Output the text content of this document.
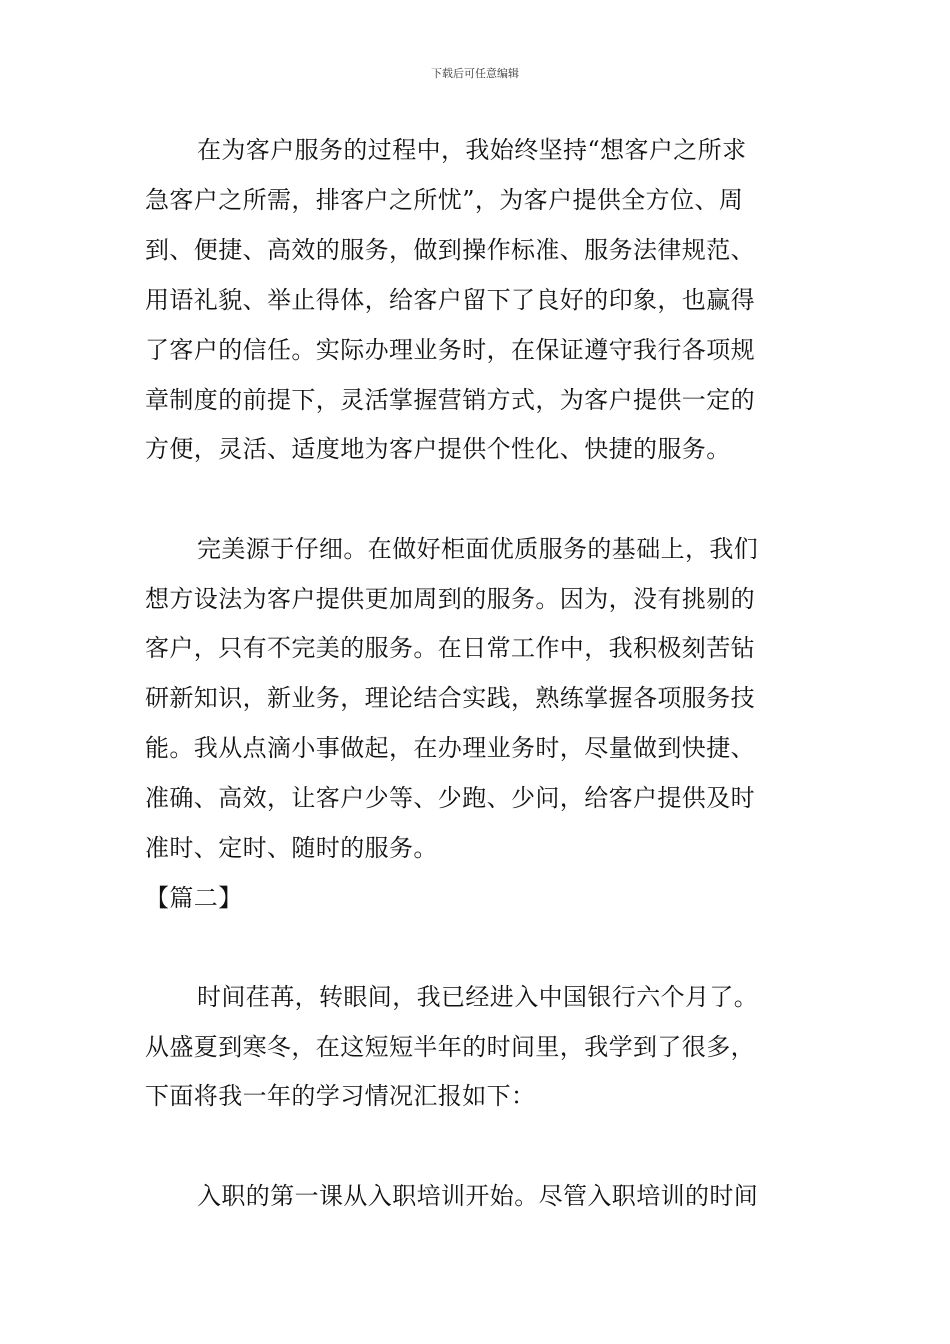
下载后可任意编辑
在为客户服务的过程中，我始终坚持“想客户之所求
急客户之所需，排客户之所忧”，为客户提供全方位、周
到、便捷、高效的服务，做到操作标准、服务法律规范、
用语礼貌、举止得体，给客户留下了良好的印象，也赢得
了客户的信任。实际办理业务时，在保证遵守我行各项规
章制度的前提下，灵活掌握营销方式，为客户提供一定的
方便，灵活、适度地为客户提供个性化、快捷的服务。
完美源于仔细。在做好柜面优质服务的基础上，我们
想方设法为客户提供更加周到的服务。因为，没有挑剔的
客户，只有不完美的服务。在日常工作中，我积极刻苦钻
研新知识，新业务，理论结合实践，熟练掌握各项服务技
能。我从点滴小事做起，在办理业务时，尽量做到快捷、
准确、高效，让客户少等、少跑、少问，给客户提供及时
准时、定时、随时的服务。
【篇二】
时间荏苒，转眼间，我已经进入中国银行六个月了。
从盛夏到寒冬，在这短短半年的时间里，我学到了很多，
下面将我一年的学习情况汇报如下：
入职的第一课从入职培训开始。尽管入职培训的时间
